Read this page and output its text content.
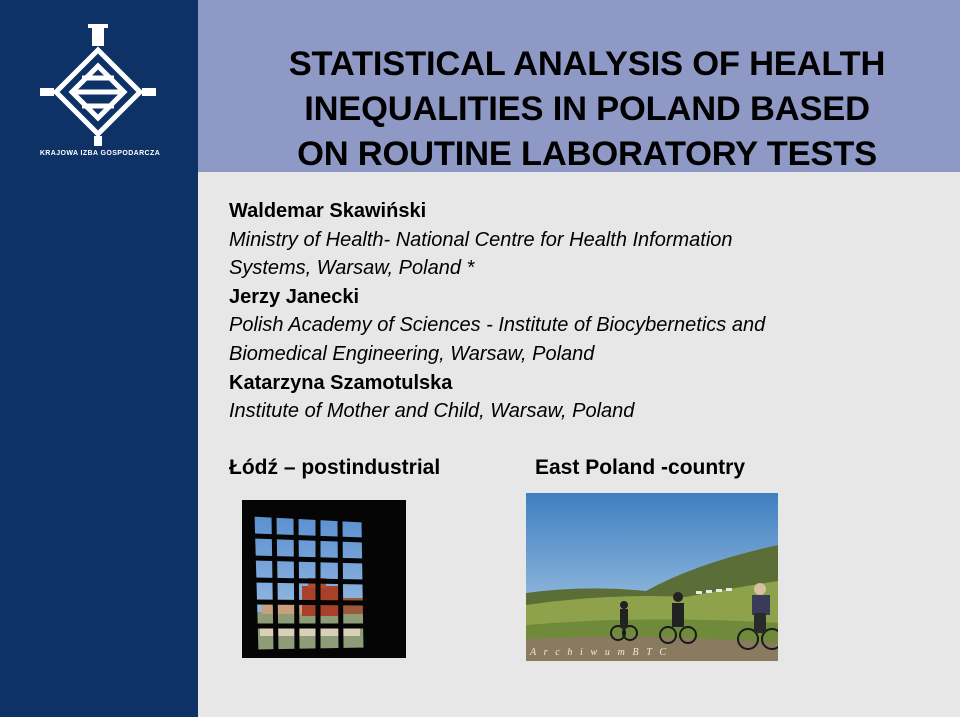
KRAJOWA IZBA GOSPODARCZA
STATISTICAL ANALYSIS OF HEALTH
INEQUALITIES IN POLAND BASED
ON ROUTINE LABORATORY TESTS
Waldemar Skawiński
Ministry of Health- National Centre for Health Information
Systems, Warsaw, Poland *
Jerzy Janecki
Polish Academy of Sciences - Institute of Biocybernetics and
Biomedical Engineering, Warsaw, Poland
Katarzyna Szamotulska
Institute of Mother and Child, Warsaw, Poland
Łódź – postindustrial	East Poland -country
A r c h i w u m B T C
